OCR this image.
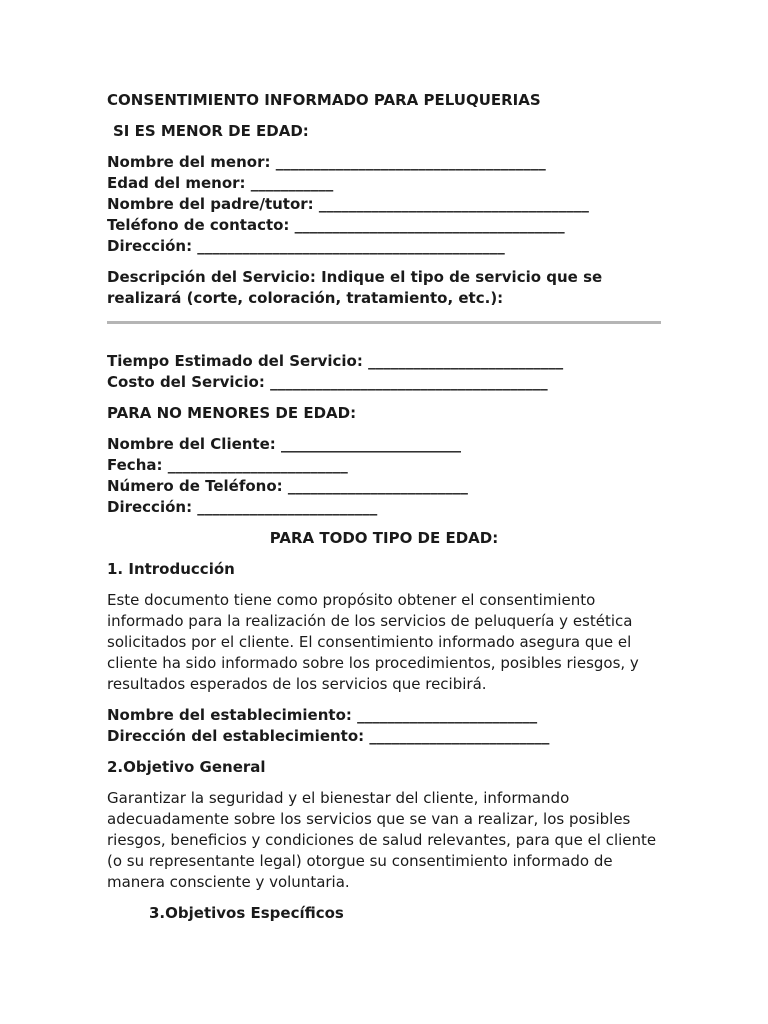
CONSENTIMIENTO INFORMADO PARA PELUQUERIAS
SI ES MENOR DE EDAD:
Nombre del menor: ____________________________________
Edad del menor: ___________
Nombre del padre/tutor: ____________________________________
Teléfono de contacto: ____________________________________
Dirección: _________________________________________
Descripción del Servicio: Indique el tipo de servicio que se realizará (corte, coloración, tratamiento, etc.):
Tiempo Estimado del Servicio: __________________________
Costo del Servicio: _____________________________________
PARA NO MENORES DE EDAD:
Nombre del Cliente: ________________________
Fecha: ________________________
Número de Teléfono: ________________________
Dirección: ________________________
PARA TODO TIPO DE EDAD:
1. Introducción
Este documento tiene como propósito obtener el consentimiento informado para la realización de los servicios de peluquería y estética solicitados por el cliente. El consentimiento informado asegura que el cliente ha sido informado sobre los procedimientos, posibles riesgos, y resultados esperados de los servicios que recibirá.
Nombre del establecimiento: ________________________
Dirección del establecimiento: ________________________
2.Objetivo General
Garantizar la seguridad y el bienestar del cliente, informando adecuadamente sobre los servicios que se van a realizar, los posibles riesgos, beneficios y condiciones de salud relevantes, para que el cliente (o su representante legal) otorgue su consentimiento informado de manera consciente y voluntaria.
3.Objetivos Específicos
